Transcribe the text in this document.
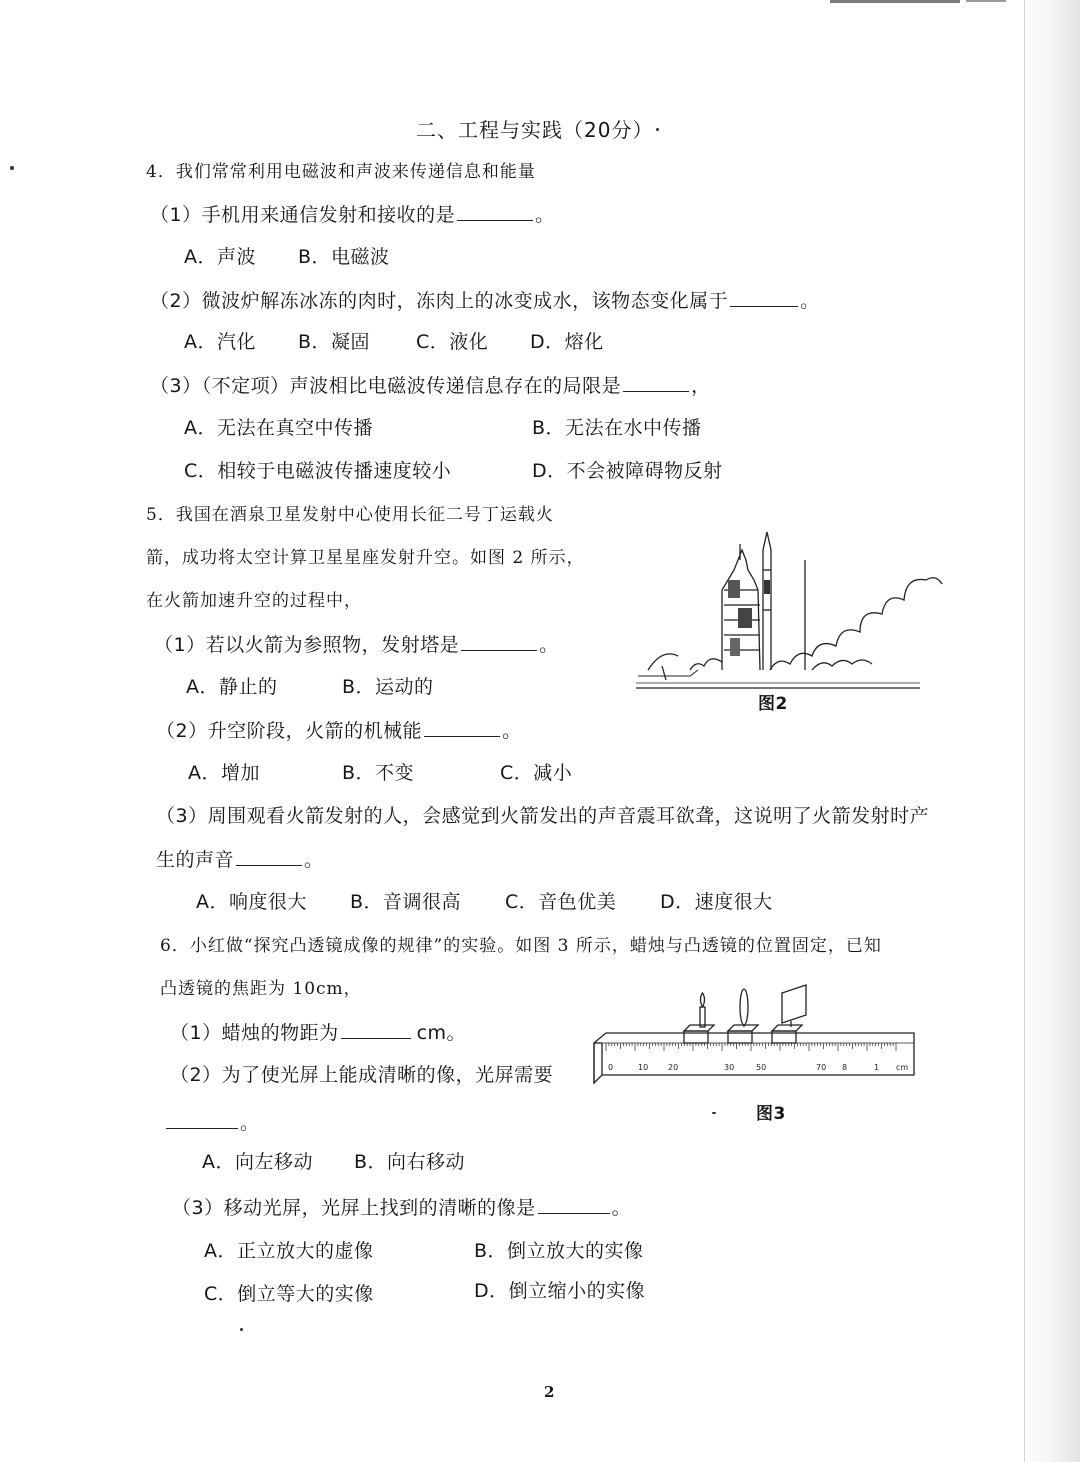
二、工程与实践（20分）
4．我们常常利用电磁波和声波来传递信息和能量
（1）手机用来通信发射和接收的是	。
A．声波 B．电磁波
（2）微波炉解冻冰冻的肉时，冻肉上的冰变成水，该物态变化属于	。
A．汽化 B．凝固 C．液化 D．熔化
（3）（不定项）声波相比电磁波传递信息存在的局限是	，
A．无法在真空中传播	B．无法在水中传播
C．相较于电磁波传播速度较小	D．不会被障碍物反射
5．我国在酒泉卫星发射中心使用长征二号丁运载火
箭，成功将太空计算卫星星座发射升空。如图 2 所示，
在火箭加速升空的过程中，
（1）若以火箭为参照物，发射塔是	。
A．静止的	B．运动的
（2）升空阶段，火箭的机械能	。
A．增加	B．不变	C．减小
（3）周围观看火箭发射的人，会感觉到火箭发出的声音震耳欲聋，这说明了火箭发射时产
生的声音	。
A．响度很大 B．音调很高 C．音色优美 D．速度很大
图2
6．小红做“探究凸透镜成像的规律”的实验。如图 3 所示，蜡烛与凸透镜的位置固定，已知
凸透镜的焦距为 10cm，
（1）蜡烛的物距为	cm。
（2）为了使光屏上能成清晰的像，光屏需要
。
A．向左移动 B．向右移动
（3）移动光屏，光屏上找到的清晰的像是	。
A．正立放大的虚像	B．倒立放大的实像
C．倒立等大的实像	D．倒立缩小的实像
0	10 20	30	50	70 8	1 cm
图3
2
